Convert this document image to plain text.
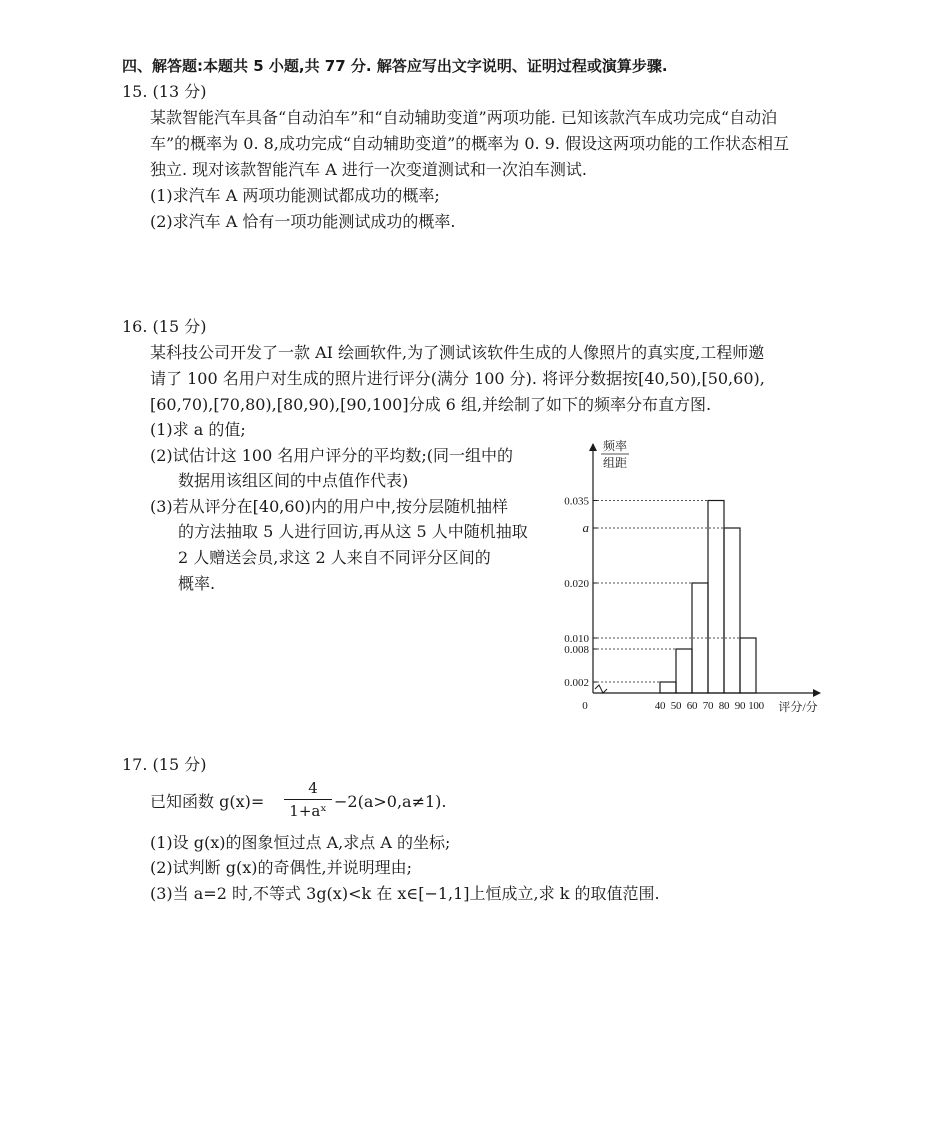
四、解答题:本题共 5 小题,共 77 分. 解答应写出文字说明、证明过程或演算步骤.
15. (13 分)
某款智能汽车具备“自动泊车”和“自动辅助变道”两项功能. 已知该款汽车成功完成“自动泊
车”的概率为 0. 8,成功完成“自动辅助变道”的概率为 0. 9. 假设这两项功能的工作状态相互
独立. 现对该款智能汽车 A 进行一次变道测试和一次泊车测试.
(1)求汽车 A 两项功能测试都成功的概率;
(2)求汽车 A 恰有一项功能测试成功的概率.
16. (15 分)
某科技公司开发了一款 AI 绘画软件,为了测试该软件生成的人像照片的真实度,工程师邀
请了 100 名用户对生成的照片进行评分(满分 100 分). 将评分数据按[40,50),[50,60),
[60,70),[70,80),[80,90),[90,100]分成 6 组,并绘制了如下的频率分布直方图.
(1)求 a 的值;
(2)试估计这 100 名用户评分的平均数;(同一组中的
数据用该组区间的中点值作代表)
(3)若从评分在[40,60)内的用户中,按分层随机抽样
的方法抽取 5 人进行回访,再从这 5 人中随机抽取
2 人赠送会员,求这 2 人来自不同评分区间的
概率.
0.002
0.008
0.010
0.020
a
0.035
40 50 60 70 80 90 100
0	评分/分
频率
组距
17. (15 分)
已知函数 g(x)=
4
1+aˣ −2(a>0,a≠1).
(1)设 g(x)的图象恒过点 A,求点 A 的坐标;
(2)试判断 g(x)的奇偶性,并说明理由;
(3)当 a=2 时,不等式 3g(x)<k 在 x∈[−1,1]上恒成立,求 k 的取值范围.
